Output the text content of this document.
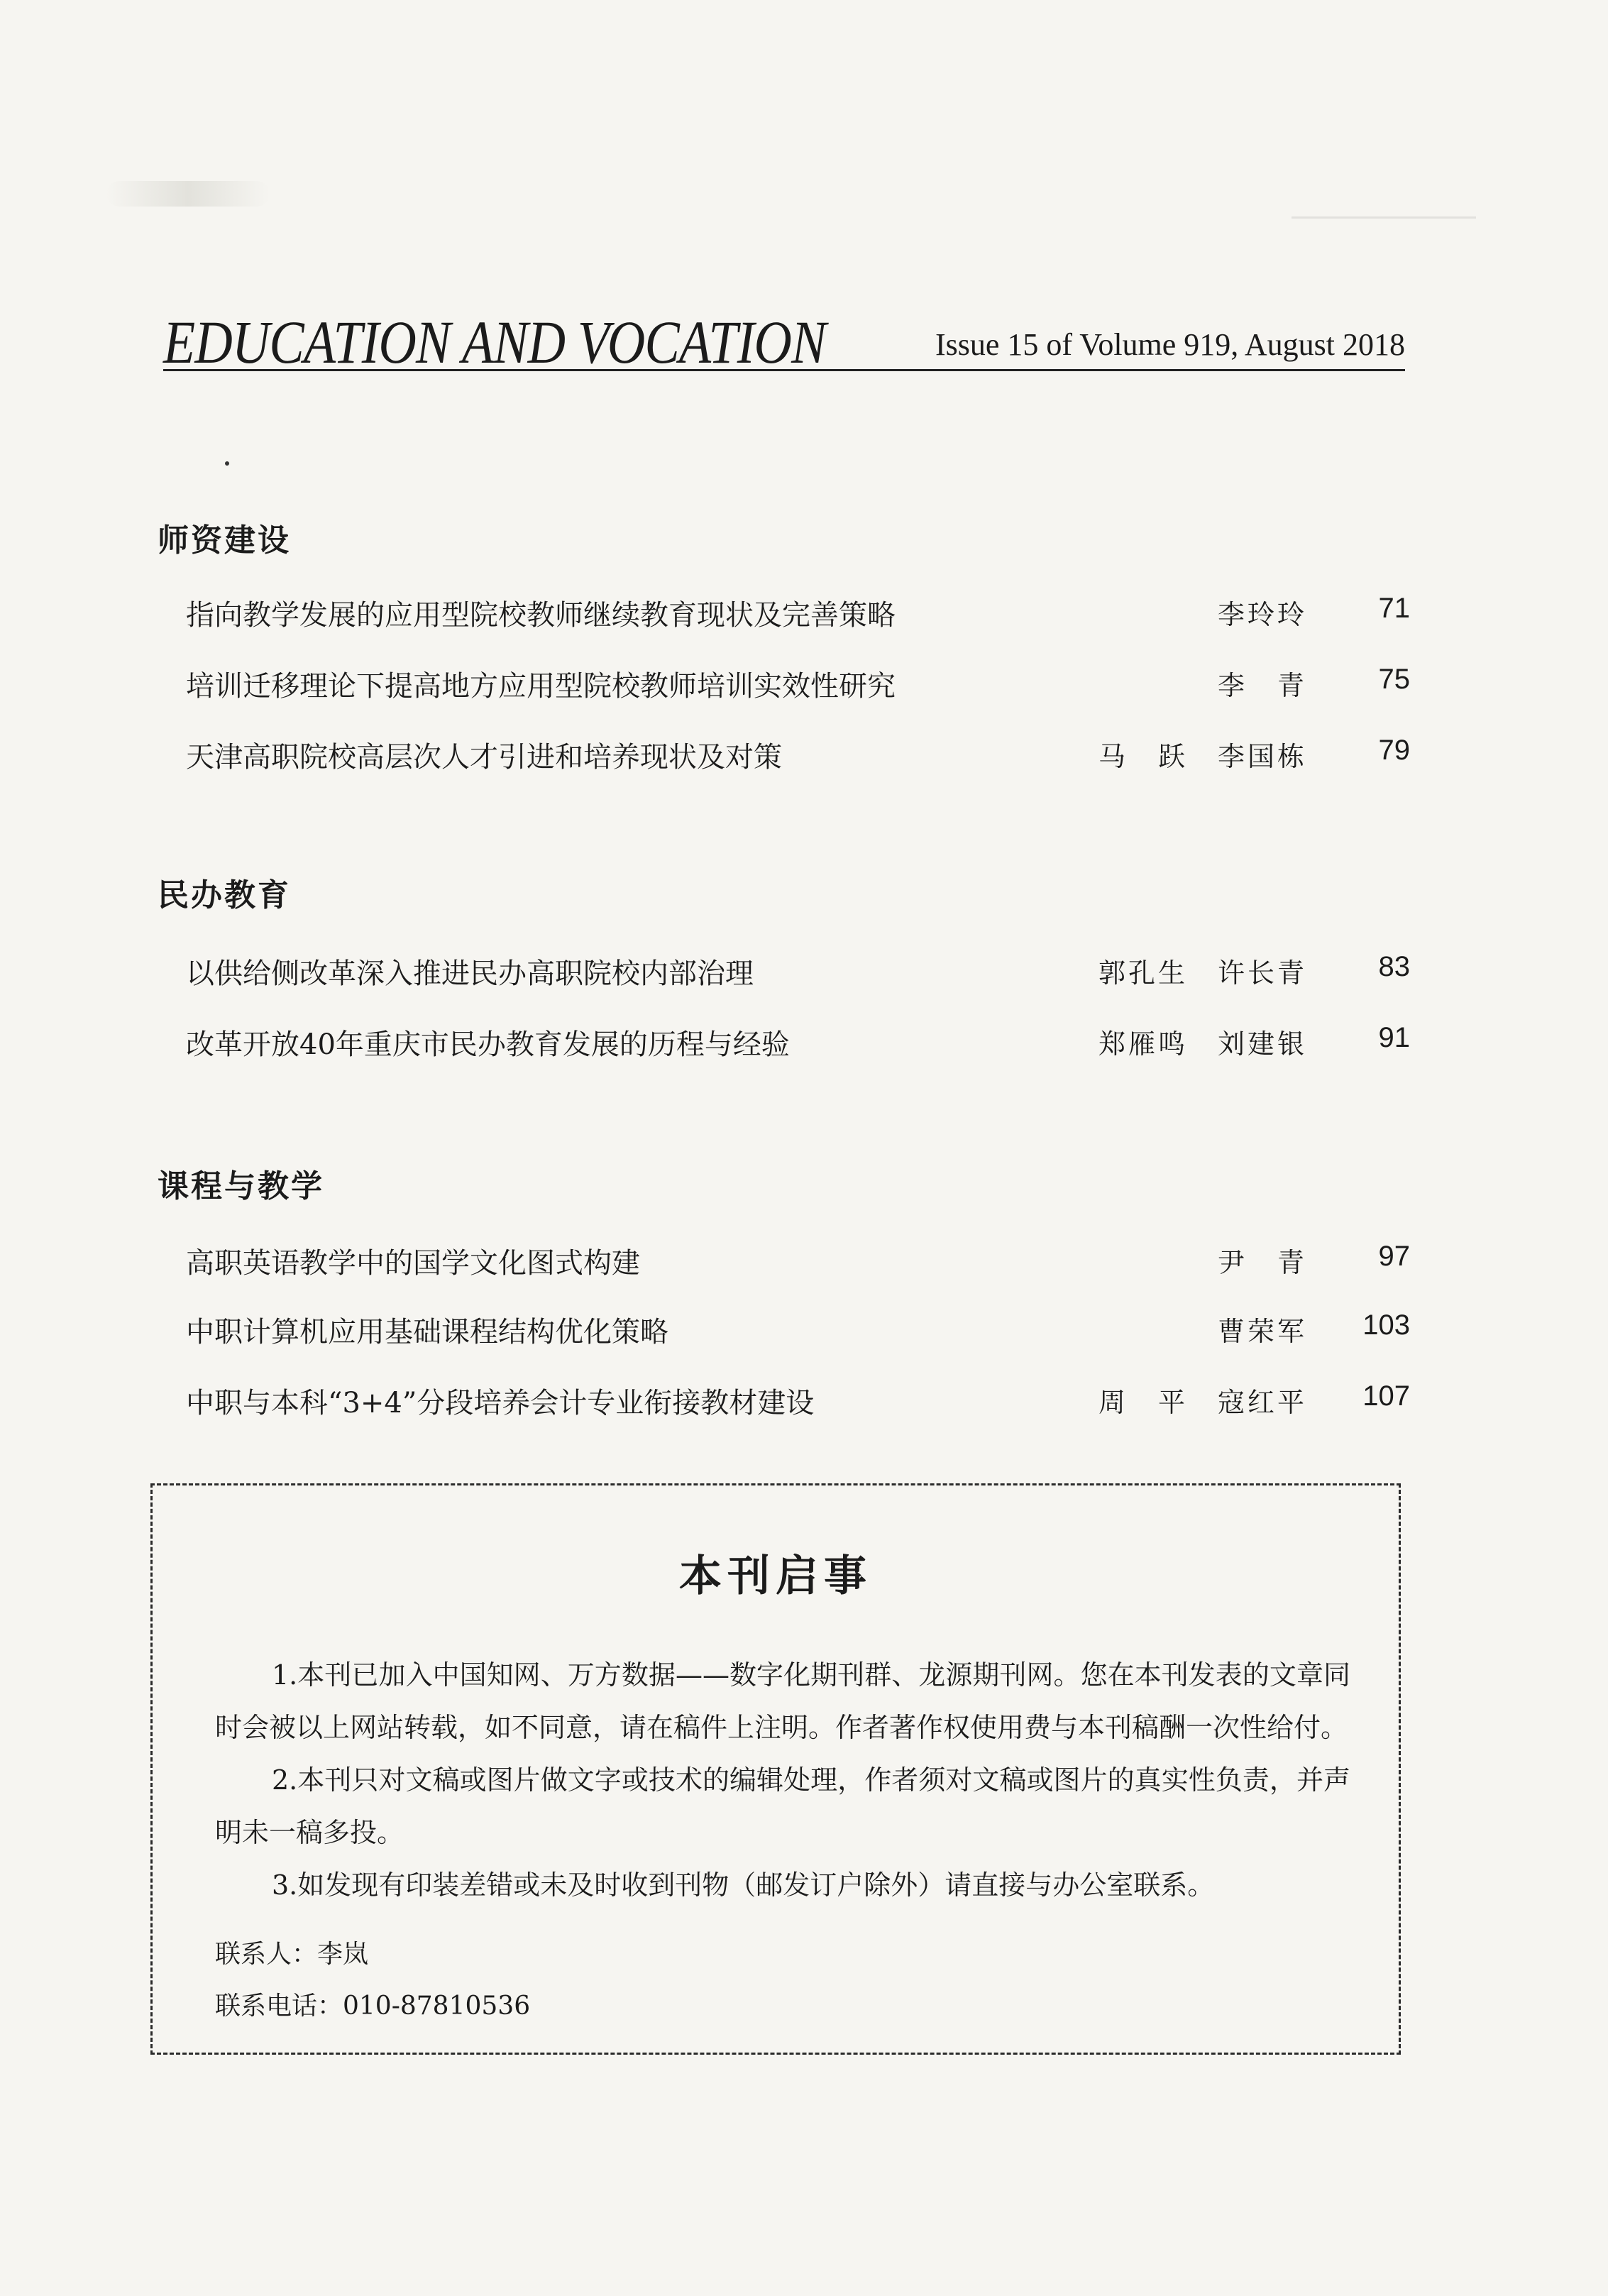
EDUCATION AND VOCATION	Issue 15 of Volume 919, August 2018
师资建设
指向教学发展的应用型院校教师继续教育现状及完善策略	李玲玲	71
培训迁移理论下提高地方应用型院校教师培训实效性研究	李　青	75
天津高职院校高层次人才引进和培养现状及对策	马　跃　李国栋	79
民办教育
以供给侧改革深入推进民办高职院校内部治理	郭孔生　许长青	83
改革开放40年重庆市民办教育发展的历程与经验	郑雁鸣　刘建银	91
课程与教学
高职英语教学中的国学文化图式构建	尹　青	97
中职计算机应用基础课程结构优化策略	曹荣军 103
中职与本科“3+4”分段培养会计专业衔接教材建设	周　平　寇红平 107
本刊启事

1.本刊已加入中国知网、万方数据——数字化期刊群、龙源期刊网。您在本刊发表的文章同时会被以上网站转载，如不同意，请在稿件上注明。作者著作权使用费与本刊稿酬一次性给付。

2.本刊只对文稿或图片做文字或技术的编辑处理，作者须对文稿或图片的真实性负责，并声明未一稿多投。

3.如发现有印装差错或未及时收到刊物（邮发订户除外）请直接与办公室联系。

联系人：李岚
联系电话：010-87810536
